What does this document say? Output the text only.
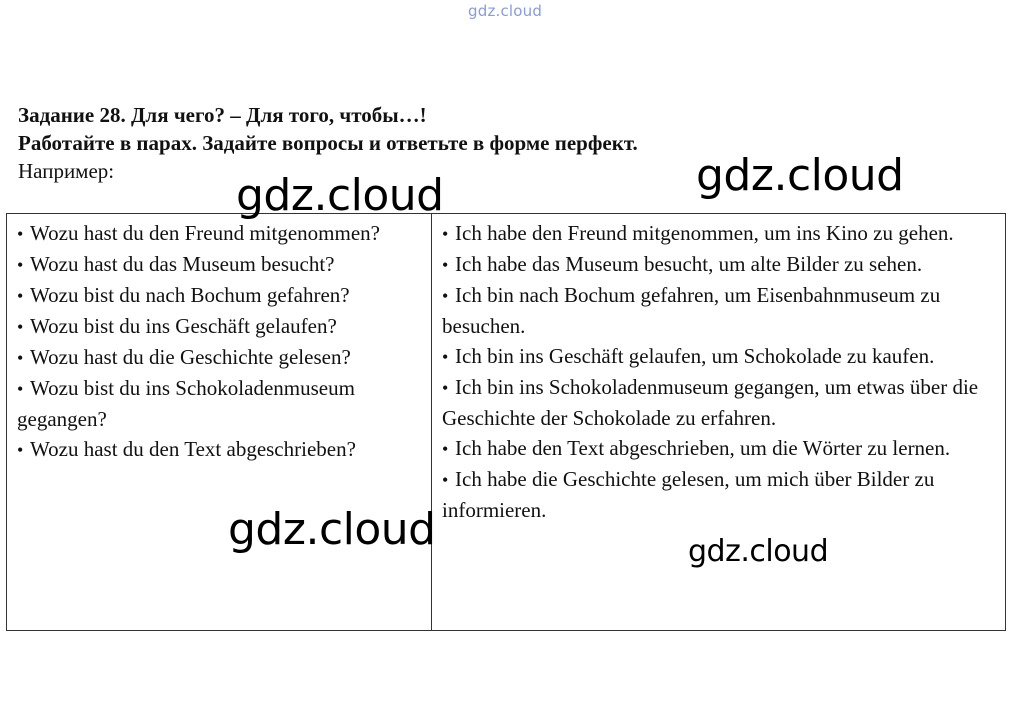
gdz.cloud
Задание 28. Для чего? – Для того, чтобы…!
Работайте в парах. Задайте вопросы и ответьте в форме перфект.
Например:

• Wozu hast du den Freund mitgenommen?

• Wozu hast du das Museum besucht?

• Wozu bist du nach Bochum gefahren?

• Wozu bist du ins Geschäft gelaufen?

• Wozu hast du die Geschichte gelesen?

• Wozu bist du ins Schokoladenmuseum gegangen?

• Wozu hast du den Text abgeschrieben?

• Ich habe den Freund mitgenommen, um ins Kino zu gehen.

• Ich habe das Museum besucht, um alte Bilder zu sehen.

• Ich bin nach Bochum gefahren, um Eisenbahnmuseum zu besuchen.

• Ich bin ins Geschäft gelaufen, um Schokolade zu kaufen.

• Ich bin ins Schokoladenmuseum gegangen, um etwas über die Geschichte der Schokolade zu erfahren.

• Ich habe den Text abgeschrieben, um die Wörter zu lernen.

• Ich habe die Geschichte gelesen, um mich über Bilder zu informieren.

gdz.cloud	gdz.cloud
gdz.cloud	gdz.cloud
